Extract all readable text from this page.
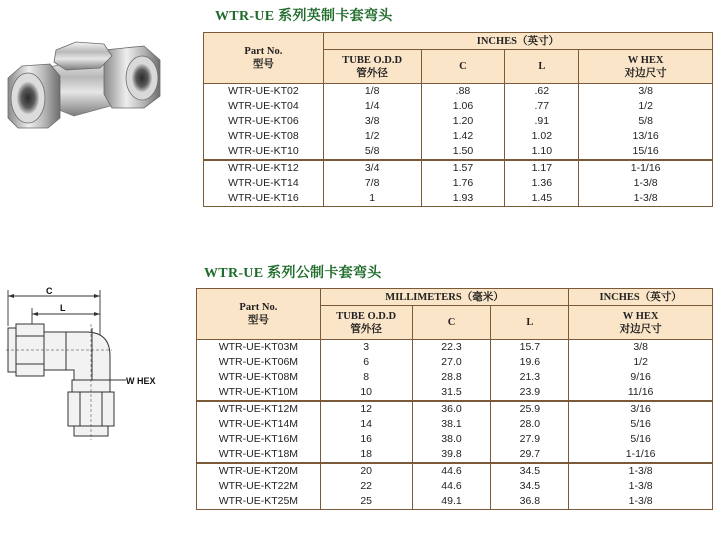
WTR-UE 系列英制卡套弯头
Part No.
型号	INCHES（英寸）			
	TUBE O.D.D
管外径	C	L	W HEX
对边尺寸
WTR-UE-KT02	1/8	.88	.62	3/8
WTR-UE-KT04	1/4	1.06	.77	1/2
WTR-UE-KT06	3/8	1.20	.91	5/8
WTR-UE-KT08	1/2	1.42	1.02	13/16
WTR-UE-KT10	5/8	1.50	1.10	15/16
WTR-UE-KT12	3/4	1.57	1.17	1-1/16
WTR-UE-KT14	7/8	1.76	1.36	1-3/8
WTR-UE-KT16	1	1.93	1.45	1-3/8
C
L
W HEX
WTR-UE 系列公制卡套弯头
Part No.
型号	MILLIMETERS（毫米）			INCHES（英寸）
	TUBE O.D.D
管外径	C	L	W HEX
对边尺寸
WTR-UE-KT03M	3	22.3	15.7	3/8
WTR-UE-KT06M	6	27.0	19.6	1/2
WTR-UE-KT08M	8	28.8	21.3	9/16
WTR-UE-KT10M	10	31.5	23.9	11/16
WTR-UE-KT12M	12	36.0	25.9	3/16
WTR-UE-KT14M	14	38.1	28.0	5/16
WTR-UE-KT16M	16	38.0	27.9	5/16
WTR-UE-KT18M	18	39.8	29.7	1-1/16
WTR-UE-KT20M	20	44.6	34.5	1-3/8
WTR-UE-KT22M	22	44.6	34.5	1-3/8
WTR-UE-KT25M	25	49.1	36.8	1-3/8
